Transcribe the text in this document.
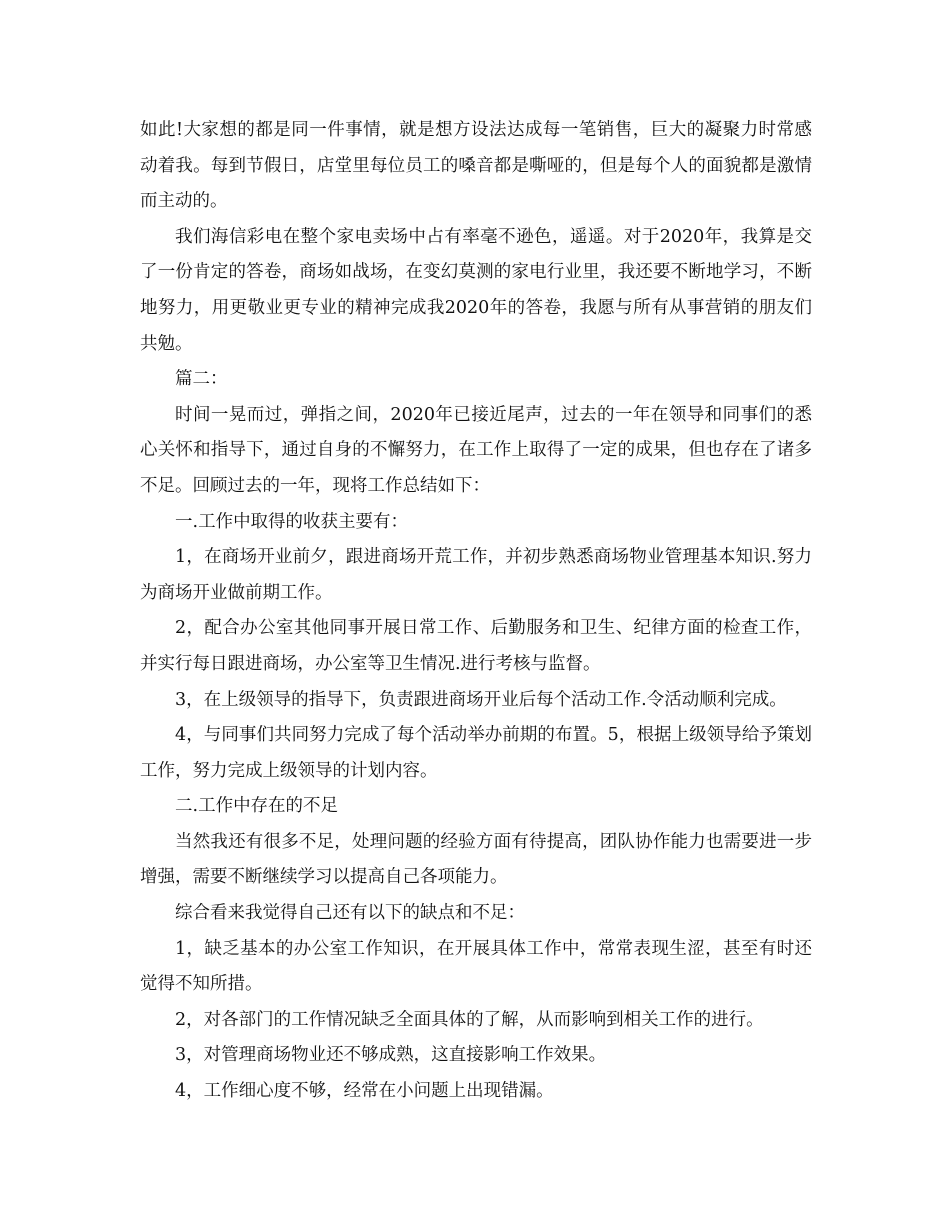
如此!大家想的都是同一件事情，就是想方设法达成每一笔销售，巨大的凝聚力时常感动着我。每到节假日，店堂里每位员工的嗓音都是嘶哑的，但是每个人的面貌都是激情而主动的。

我们海信彩电在整个家电卖场中占有率毫不逊色，遥遥。对于2020年，我算是交了一份肯定的答卷，商场如战场，在变幻莫测的家电行业里，我还要不断地学习，不断地努力，用更敬业更专业的精神完成我2020年的答卷，我愿与所有从事营销的朋友们共勉。

篇二：

时间一晃而过，弹指之间，2020年已接近尾声，过去的一年在领导和同事们的悉心关怀和指导下，通过自身的不懈努力，在工作上取得了一定的成果，但也存在了诸多不足。回顾过去的一年，现将工作总结如下：

一.工作中取得的收获主要有：

1，在商场开业前夕，跟进商场开荒工作，并初步熟悉商场物业管理基本知识.努力为商场开业做前期工作。

2，配合办公室其他同事开展日常工作、后勤服务和卫生、纪律方面的检查工作，并实行每日跟进商场，办公室等卫生情况.进行考核与监督。

3，在上级领导的指导下，负责跟进商场开业后每个活动工作.令活动顺利完成。

4，与同事们共同努力完成了每个活动举办前期的布置。5，根据上级领导给予策划工作，努力完成上级领导的计划内容。

二.工作中存在的不足

当然我还有很多不足，处理问题的经验方面有待提高，团队协作能力也需要进一步增强，需要不断继续学习以提高自己各项能力。

综合看来我觉得自己还有以下的缺点和不足：

1，缺乏基本的办公室工作知识，在开展具体工作中，常常表现生涩，甚至有时还觉得不知所措。

2，对各部门的工作情况缺乏全面具体的了解，从而影响到相关工作的进行。

3，对管理商场物业还不够成熟，这直接影响工作效果。

4，工作细心度不够，经常在小问题上出现错漏。
